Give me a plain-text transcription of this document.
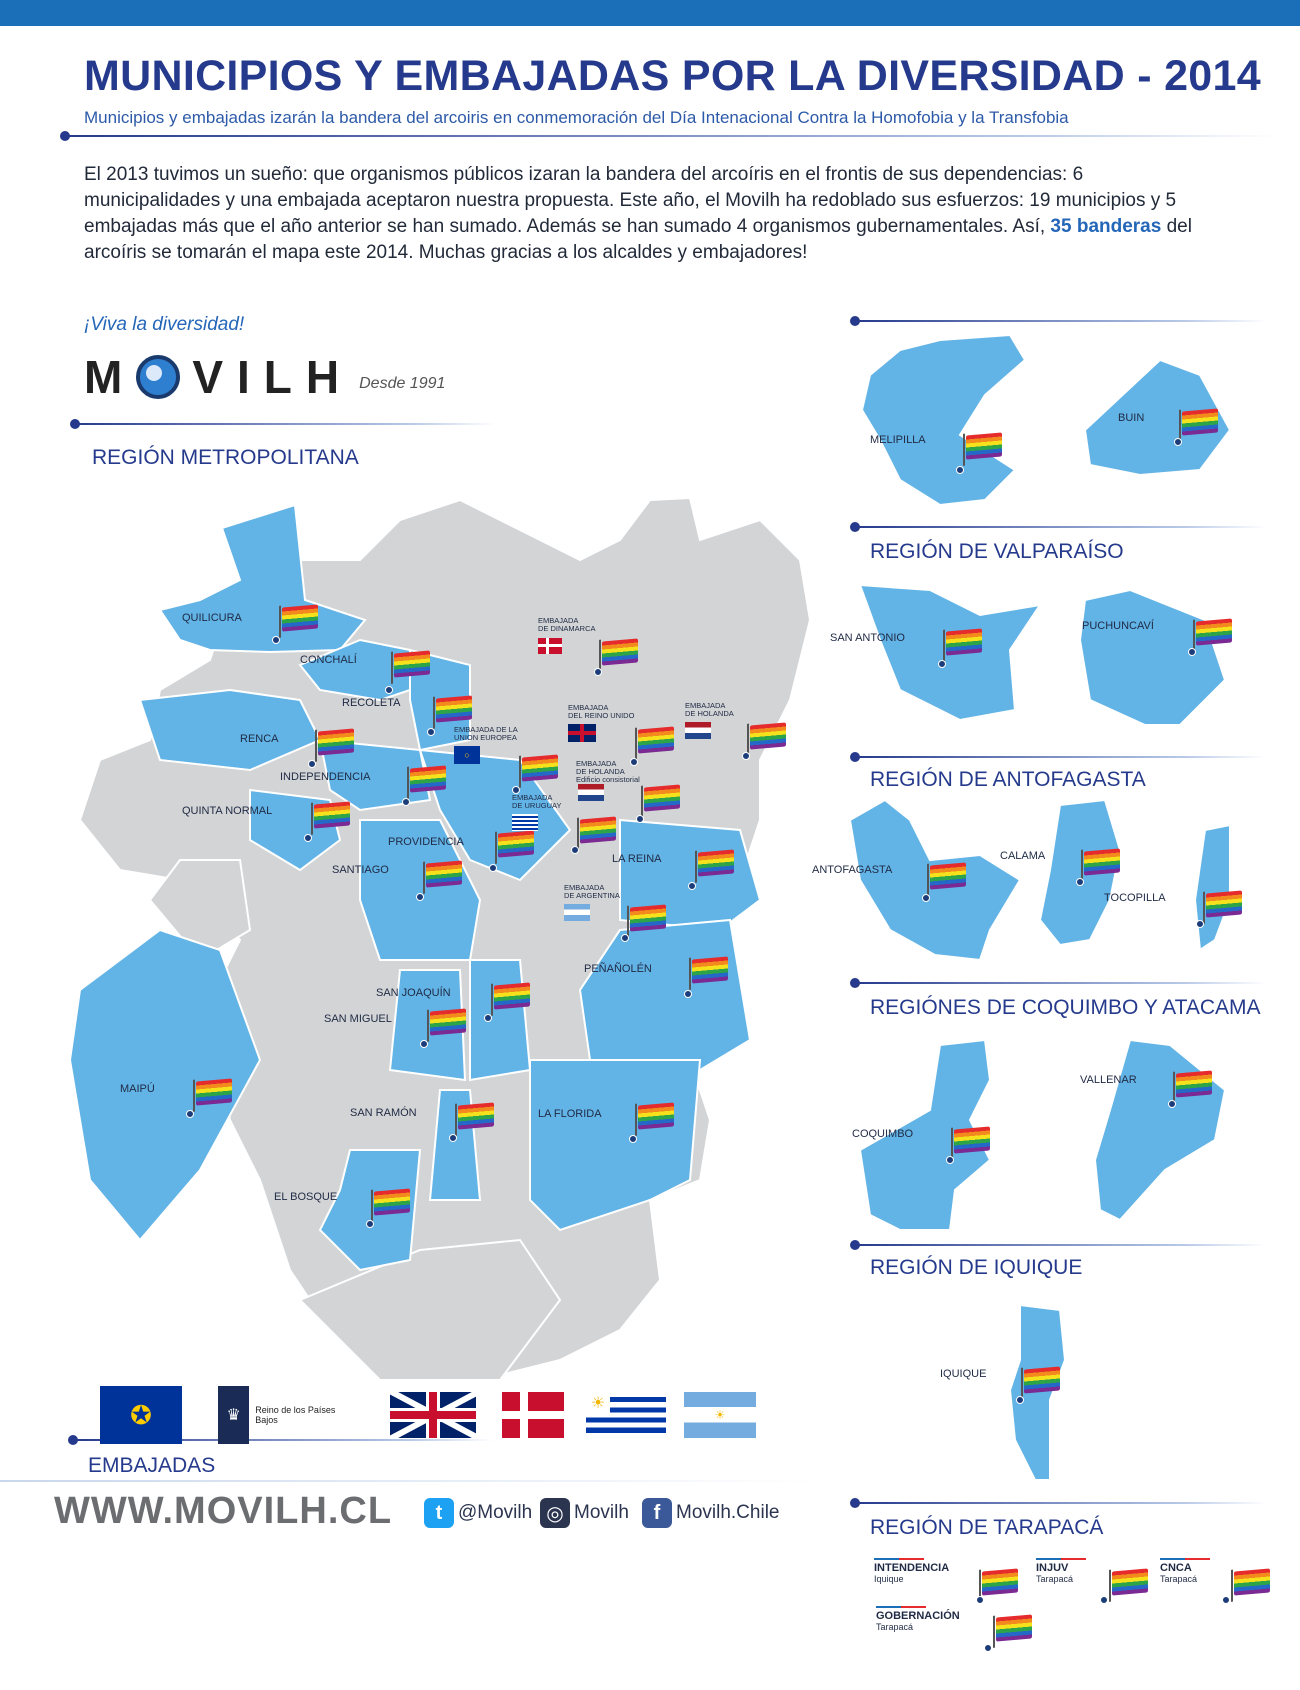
MUNICIPIOS Y EMBAJADAS POR LA DIVERSIDAD - 2014
Municipios y embajadas izarán la bandera del arcoiris en conmemoración del Día Intenacional Contra la Homofobia y la Transfobia
El 2013 tuvimos un sueño: que organismos públicos izaran la bandera del arcoíris en el frontis de sus dependencias: 6 municipalidades y una embajada aceptaron nuestra propuesta. Este año, el Movilh ha redoblado sus esfuerzos: 19 municipios y 5 embajadas más que el año anterior se han sumado. Además se han sumado 4 organismos gubernamentales. Así, 35 banderas del arcoíris se tomarán el mapa este 2014. Muchas gracias a los alcaldes y embajadores!
¡Viva la diversidad!
M VILH Desde 1991
REGIÓN METROPOLITANA
REGIÓN DE VALPARAÍSO
REGIÓN DE ANTOFAGASTA
REGIÓNES DE COQUIMBO Y ATACAMA
REGIÓN DE IQUIQUE
REGIÓN DE TARAPACÁ
EMBAJADAS
QUILICURA
CONCHALÍ
RECOLETA
RENCA
INDEPENDENCIA
QUINTA NORMAL
PROVIDENCIA
SANTIAGO
LA REINA
PEÑAÑOLÉN
SAN JOAQUÍN
SAN MIGUEL
MAIPÚ
SAN RAMÓN	LA FLORIDA
EL BOSQUE
EMBAJADA
DE DINAMARCA
EMBAJADA
DEL REINO UNIDO
EMBAJADA
DE HOLANDA
EMBAJADA DE LA
UNION EUROPEA
○
EMBAJADA
DE HOLANDA
Edificio consistorial
EMBAJADA
DE URUGUAY
EMBAJADA
DE ARGENTINA
MELIPILLA
BUIN
SAN ANTONIO
PUCHUNCAVÍ
ANTOFAGASTA
CALAMA
TOCOPILLA
COQUIMBO
VALLENAR
IQUIQUE
INTENDENCIA
Iquique
INJUV
Tarapacá
CNCA
Tarapacá
GOBERNACIÓN
Tarapacá
✪	♛	Reino de los Países Bajos
☀
☀
WWW.MOVILH.CL	t @Movilh ◎ Movilh	f Movilh.Chile
